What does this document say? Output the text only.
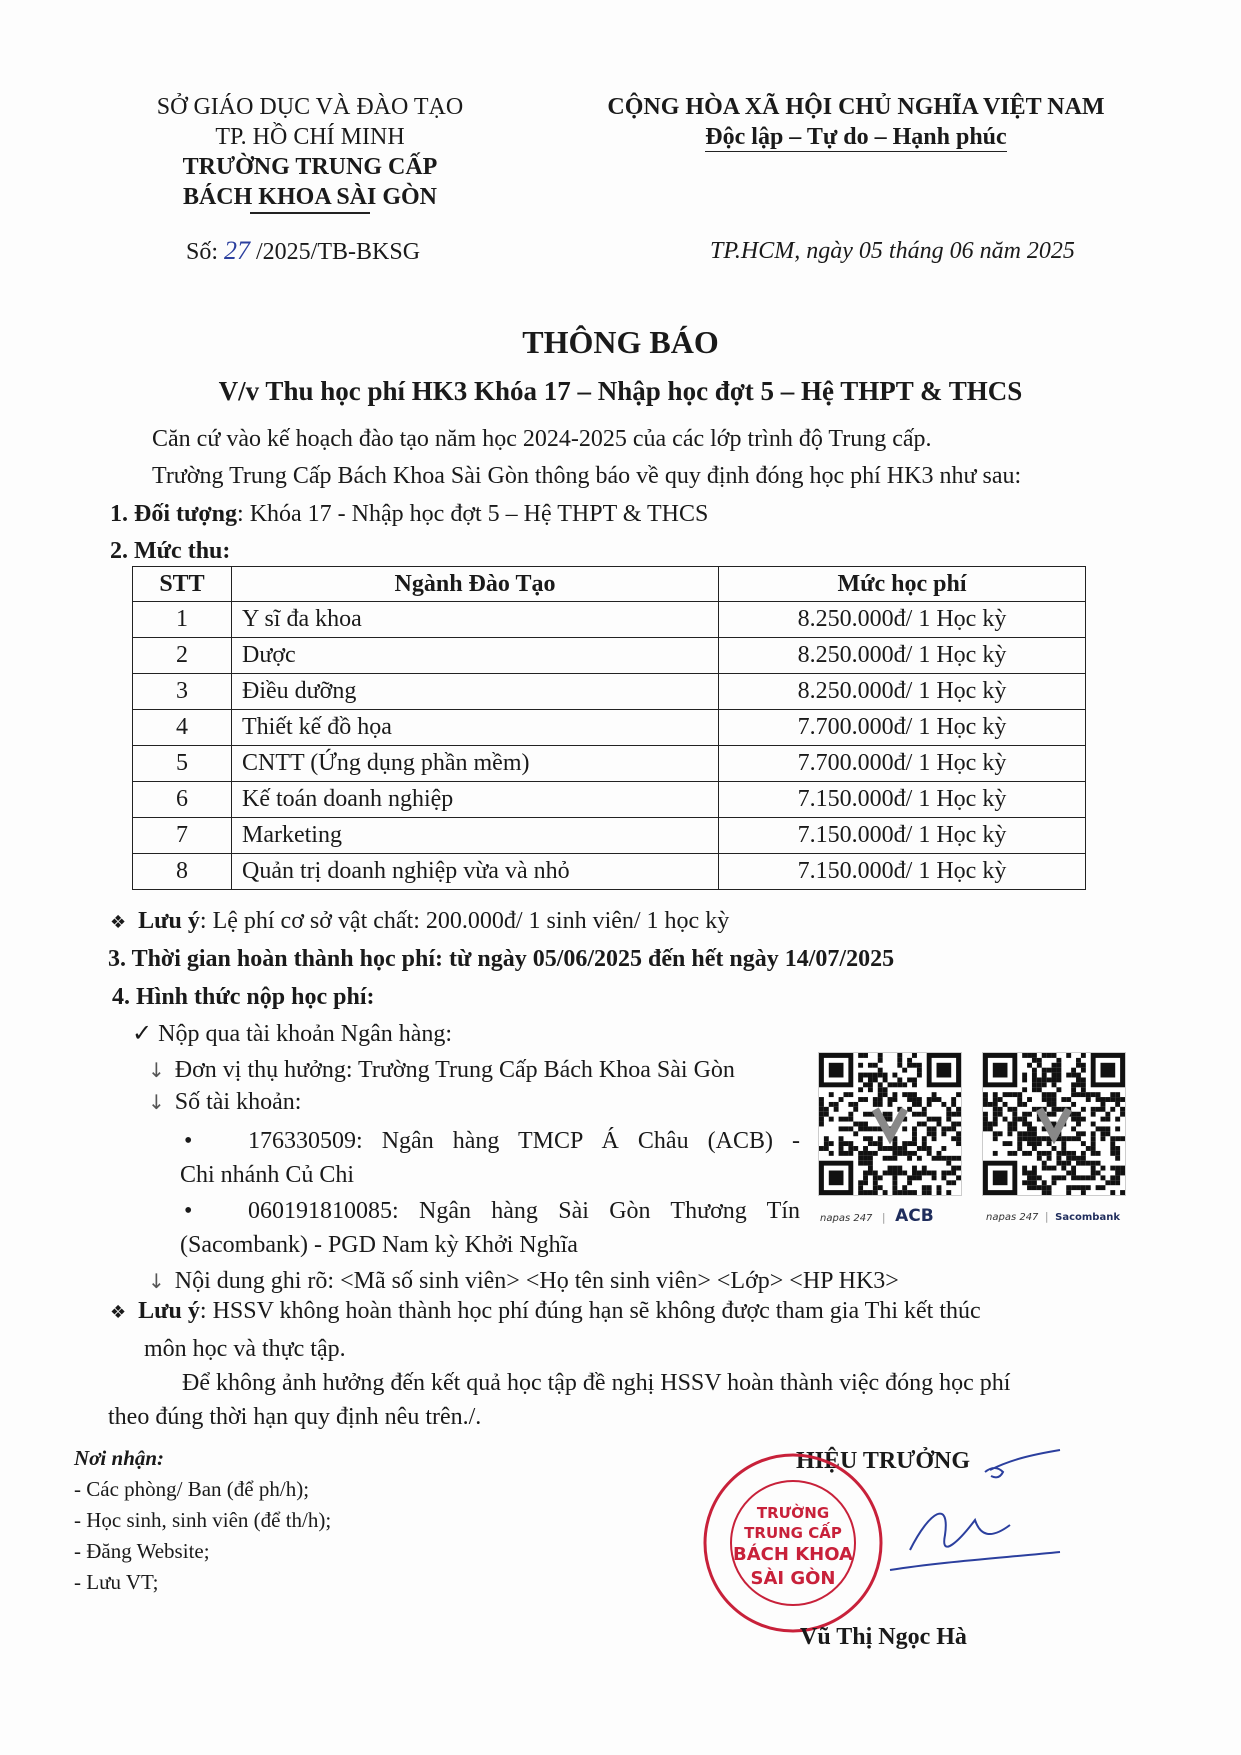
SỞ GIÁO DỤC VÀ ĐÀO TẠO
TP. HỒ CHÍ MINH
TRƯỜNG TRUNG CẤP
BÁCH KHOA SÀI GÒN
CỘNG HÒA XÃ HỘI CHỦ NGHĨA VIỆT NAM
Độc lập – Tự do – Hạnh phúc
Số: 27 /2025/TB-BKSG	TP.HCM, ngày 05 tháng 06 năm 2025
THÔNG BÁO
V/v Thu học phí HK3 Khóa 17 – Nhập học đợt 5 – Hệ THPT & THCS
Căn cứ vào kế hoạch đào tạo năm học 2024-2025 của các lớp trình độ Trung cấp.
Trường Trung Cấp Bách Khoa Sài Gòn thông báo về quy định đóng học phí HK3 như sau:
1. Đối tượng: Khóa 17 - Nhập học đợt 5 – Hệ THPT & THCS
2. Mức thu:
STT	Ngành Đào Tạo	Mức học phí
1	Y sĩ đa khoa	8.250.000đ/ 1 Học kỳ
2	Dược	8.250.000đ/ 1 Học kỳ
3	Điều dưỡng	8.250.000đ/ 1 Học kỳ
4	Thiết kế đồ họa	7.700.000đ/ 1 Học kỳ
5	CNTT (Ứng dụng phần mềm)	7.700.000đ/ 1 Học kỳ
6	Kế toán doanh nghiệp	7.150.000đ/ 1 Học kỳ
7	Marketing	7.150.000đ/ 1 Học kỳ
8	Quản trị doanh nghiệp vừa và nhỏ	7.150.000đ/ 1 Học kỳ
❖ Lưu ý: Lệ phí cơ sở vật chất: 200.000đ/ 1 sinh viên/ 1 học kỳ
3. Thời gian hoàn thành học phí: từ ngày 05/06/2025 đến hết ngày 14/07/2025
4. Hình thức nộp học phí:
✓ Nộp qua tài khoản Ngân hàng:
↓ Đơn vị thụ hưởng: Trường Trung Cấp Bách Khoa Sài Gòn
↓ Số tài khoản:
•	176330509: Ngân hàng TMCP Á Châu (ACB) -
Chi nhánh Củ Chi
•	060191810085: Ngân hàng Sài Gòn Thương Tín
(Sacombank) - PGD Nam kỳ Khởi Nghĩa
↓ Nội dung ghi rõ: <Mã số sinh viên> <Họ tên sinh viên> <Lớp> <HP HK3>
napas 247 | ACB	napas 247 | Sacombank
❖ Lưu ý: HSSV không hoàn thành học phí đúng hạn sẽ không được tham gia Thi kết thúc
môn học và thực tập.
Để không ảnh hưởng đến kết quả học tập đề nghị HSSV hoàn thành việc đóng học phí
theo đúng thời hạn quy định nêu trên./.
Nơi nhận:
- Các phòng/ Ban (để ph/h);
- Học sinh, sinh viên (để th/h);
- Đăng Website;
- Lưu VT;
HIỆU TRƯỞNG
TRƯỜNG
TRUNG CẤP
BÁCH KHOA
SÀI GÒN
Vũ Thị Ngọc Hà
